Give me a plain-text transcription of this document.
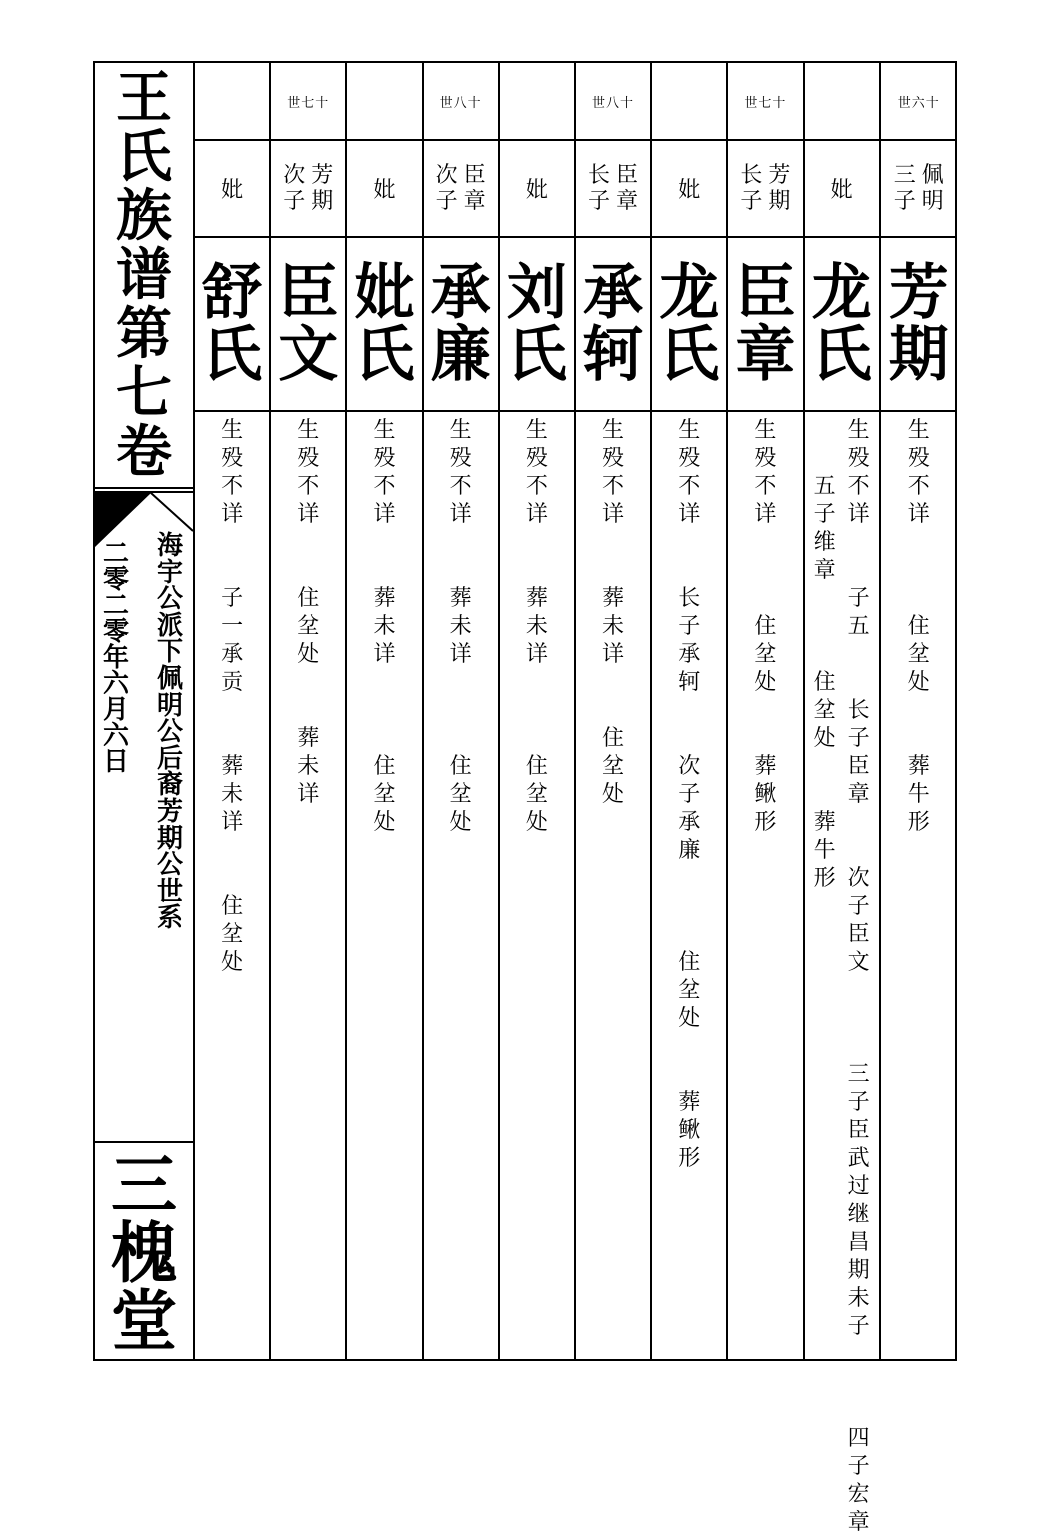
王
氏
族
谱
第
七
卷
海
宇
公
派
下
佩
明
公
后
裔
芳
期
公
世
系
二
零
二
零
年
六
月
六
日
三
槐
堂
妣
舒
氏
生
殁
不
详

子
一
承
贡

葬
未
详

住
坌
处
世七十
芳
期
次
子
臣
文
生
殁
不
详

住
坌
处

葬
未
详
妣
妣
氏
生
殁
不
详

葬
未
详

住
坌
处
世八十
臣
章
次
子
承
廉
生
殁
不
详

葬
未
详

住
坌
处
妣
刘
氏
生
殁
不
详

葬
未
详

住
坌
处
世八十
臣
章
长
子
承
轲
生
殁
不
详

葬
未
详

住
坌
处
妣
龙
氏
生
殁
不
详

长
子
承
轲

次
子
承
廉

住
坌
处

葬
鳅
形
世七十
芳
期
长
子
臣
章
生
殁
不
详

住
坌
处

葬
鳅
形
妣
龙
氏
生
殁
不
详

子
五

长
子
臣
章

次
子
臣
文

三
子
臣
武
过
继
昌
期
未
子

四
子
宏
章

五
子
维
章

住
坌
处

葬
牛
形
世六十
佩
明
三
子
芳
期
生
殁
不
详

住
坌
处

葬
牛
形
